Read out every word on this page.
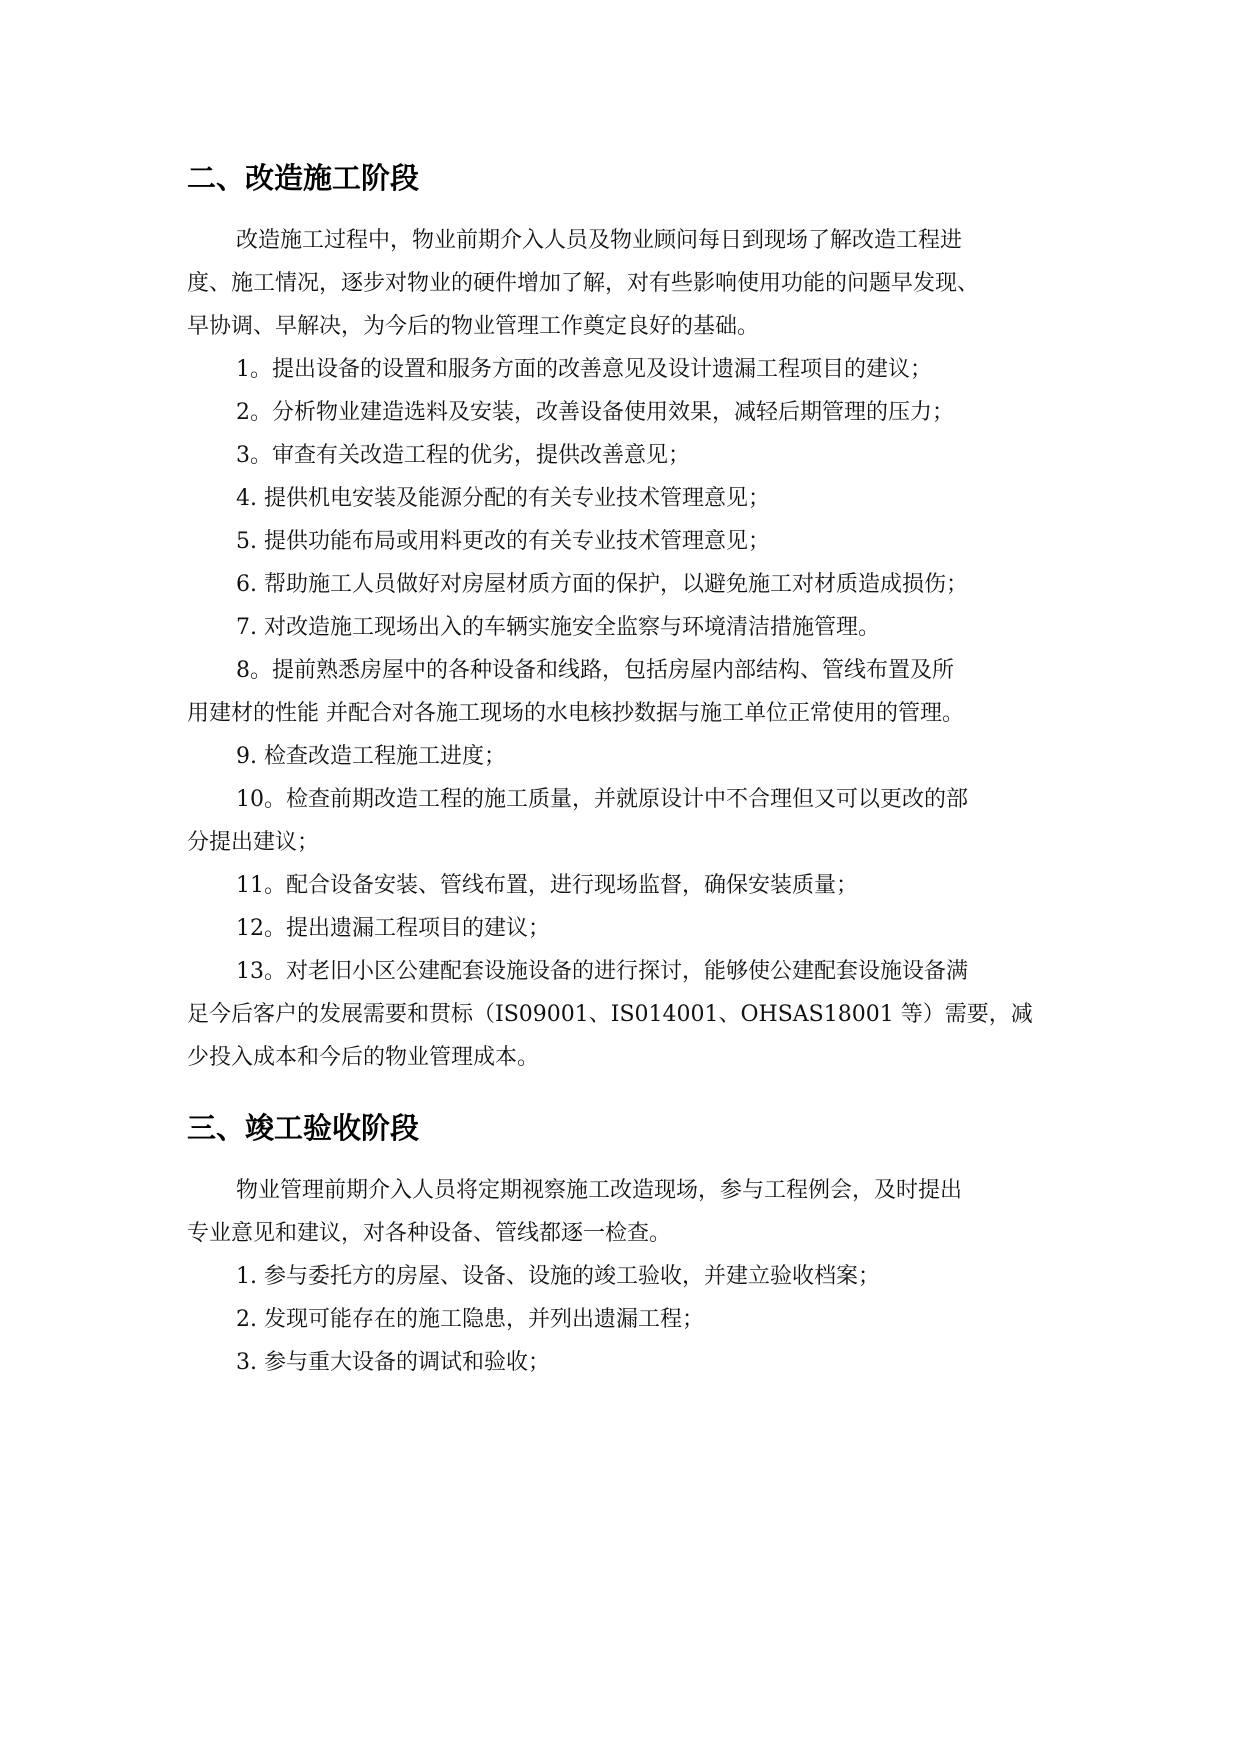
二、改造施工阶段

改造施工过程中，物业前期介入人员及物业顾问每日到现场了解改造工程进

度、施工情况，逐步对物业的硬件增加了解，对有些影响使用功能的问题早发现、

早协调、早解决，为今后的物业管理工作奠定良好的基础。

1。提出设备的设置和服务方面的改善意见及设计遗漏工程项目的建议；

2。分析物业建造选料及安装，改善设备使用效果，减轻后期管理的压力；

3。审查有关改造工程的优劣，提供改善意见；

4. 提供机电安装及能源分配的有关专业技术管理意见；

5. 提供功能布局或用料更改的有关专业技术管理意见；

6. 帮助施工人员做好对房屋材质方面的保护，以避免施工对材质造成损伤；

7. 对改造施工现场出入的车辆实施安全监察与环境清洁措施管理。

8。提前熟悉房屋中的各种设备和线路，包括房屋内部结构、管线布置及所

用建材的性能 并配合对各施工现场的水电核抄数据与施工单位正常使用的管理。

9. 检查改造工程施工进度；

10。检查前期改造工程的施工质量，并就原设计中不合理但又可以更改的部

分提出建议；

11。配合设备安装、管线布置，进行现场监督，确保安装质量；

12。提出遗漏工程项目的建议；

13。对老旧小区公建配套设施设备的进行探讨，能够使公建配套设施设备满

足今后客户的发展需要和贯标（IS09001、IS014001、OHSAS18001 等）需要，减

少投入成本和今后的物业管理成本。

三、竣工验收阶段

物业管理前期介入人员将定期视察施工改造现场，参与工程例会，及时提出

专业意见和建议，对各种设备、管线都逐一检查。

1. 参与委托方的房屋、设备、设施的竣工验收，并建立验收档案；

2. 发现可能存在的施工隐患，并列出遗漏工程；

3. 参与重大设备的调试和验收；
